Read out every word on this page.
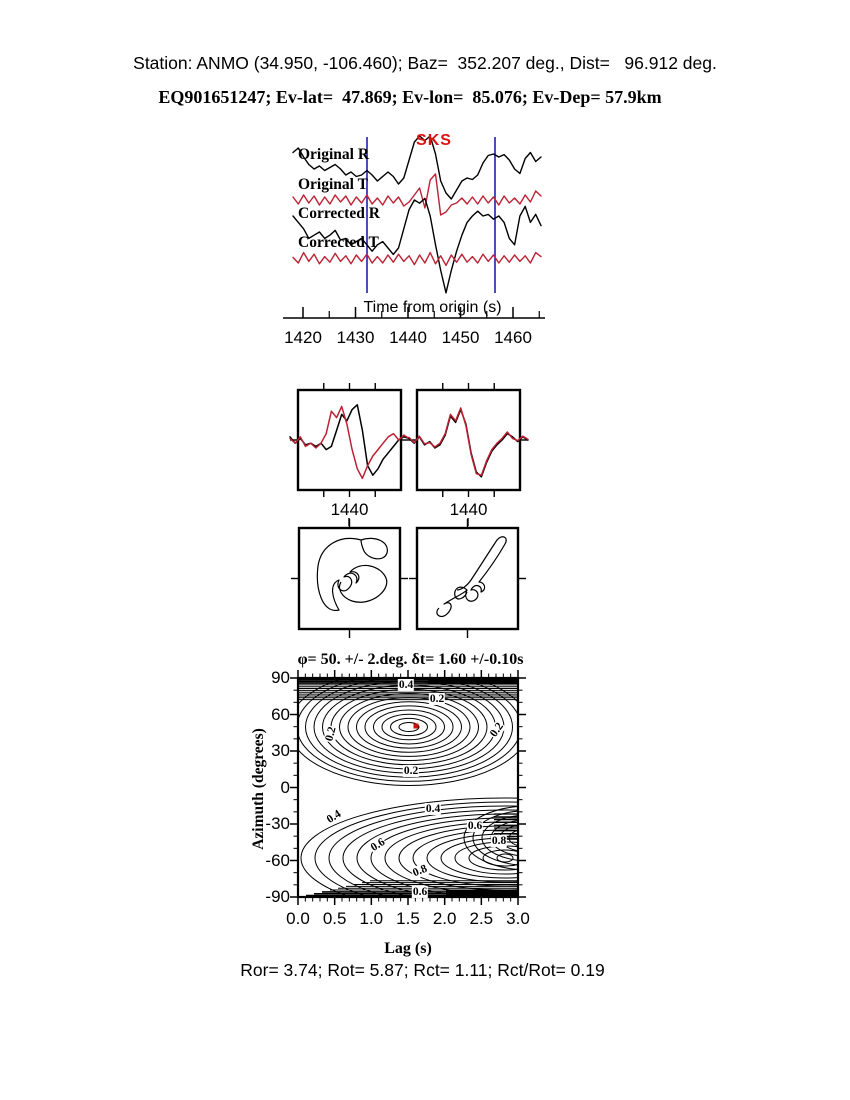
Station: ANMO (34.950, -106.460); Baz=  352.207 deg., Dist=   96.912 deg.
EQ901651247; Ev-lat=  47.869; Ev-lon=  85.076; Ev-Dep= 57.9km
SKS
Time from origin (s)
φ= 50. +/- 2.deg. δt= 1.60 +/-0.10s
Azimuth (degrees)
Lag (s)
Ror= 3.74; Rot= 5.87; Rct= 1.11; Rct/Rot= 0.19
Original R
Original T
Corrected R
Corrected T
1420 1430 1440 1450 1460
1440	1440
0.0 0.5 1.0 1.5 2.0 2.5 3.0
90
60
30
0
-30
-60
-90
0.4
0.2
0.2	0.2
0.2
0.4
0.4
0.6
0.8
0.6
0.8
0.6
